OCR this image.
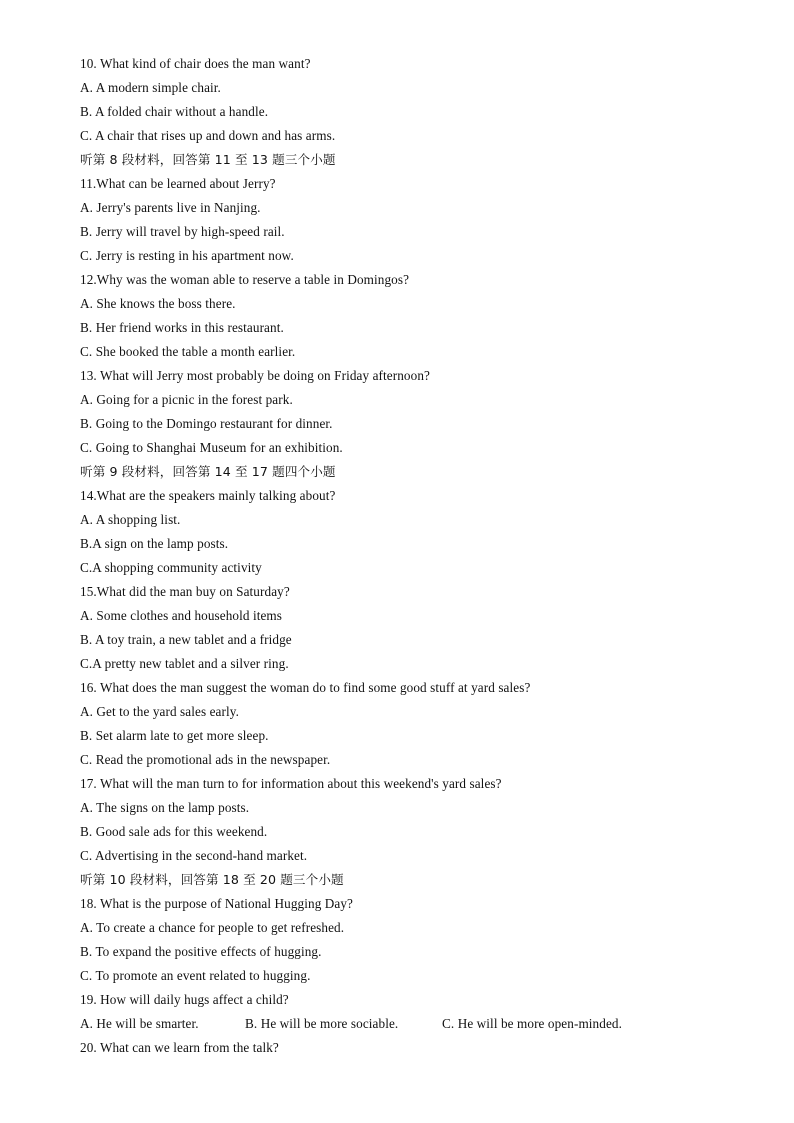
10. What kind of chair does the man want?
A. A modern simple chair.
B. A folded chair without a handle.
C. A chair that rises up and down and has arms.
听第 8 段材料，回答第 11 至 13 题三个小题
11.What can be learned about Jerry?
A. Jerry's parents live in Nanjing.
B. Jerry will travel by high-speed rail.
C. Jerry is resting in his apartment now.
12.Why was the woman able to reserve a table in Domingos?
A. She knows the boss there.
B. Her friend works in this restaurant.
C. She booked the table a month earlier.
13. What will Jerry most probably be doing on Friday afternoon?
A. Going for a picnic in the forest park.
B. Going to the Domingo restaurant for dinner.
C. Going to Shanghai Museum for an exhibition.
听第 9 段材料，回答第 14 至 17 题四个小题
14.What are the speakers mainly talking about?
A. A shopping list.
B.A sign on the lamp posts.
C.A shopping community activity
15.What did the man buy on Saturday?
A. Some clothes and household items
B. A toy train, a new tablet and a fridge
C.A pretty new tablet and a silver ring.
16. What does the man suggest the woman do to find some good stuff at yard sales?
A. Get to the yard sales early.
B. Set alarm late to get more sleep.
C. Read the promotional ads in the newspaper.
17. What will the man turn to for information about this weekend's yard sales?
A. The signs on the lamp posts.
B. Good sale ads for this weekend.
C. Advertising in the second-hand market.
听第 10 段材料，回答第 18 至 20 题三个小题
18. What is the purpose of National Hugging Day?
A. To create a chance for people to get refreshed.
B. To expand the positive effects of hugging.
C. To promote an event related to hugging.
19. How will daily hugs affect a child?
A. He will be smarter.	B. He will be more sociable.	C. He will be more open-minded.
20. What can we learn from the talk?
